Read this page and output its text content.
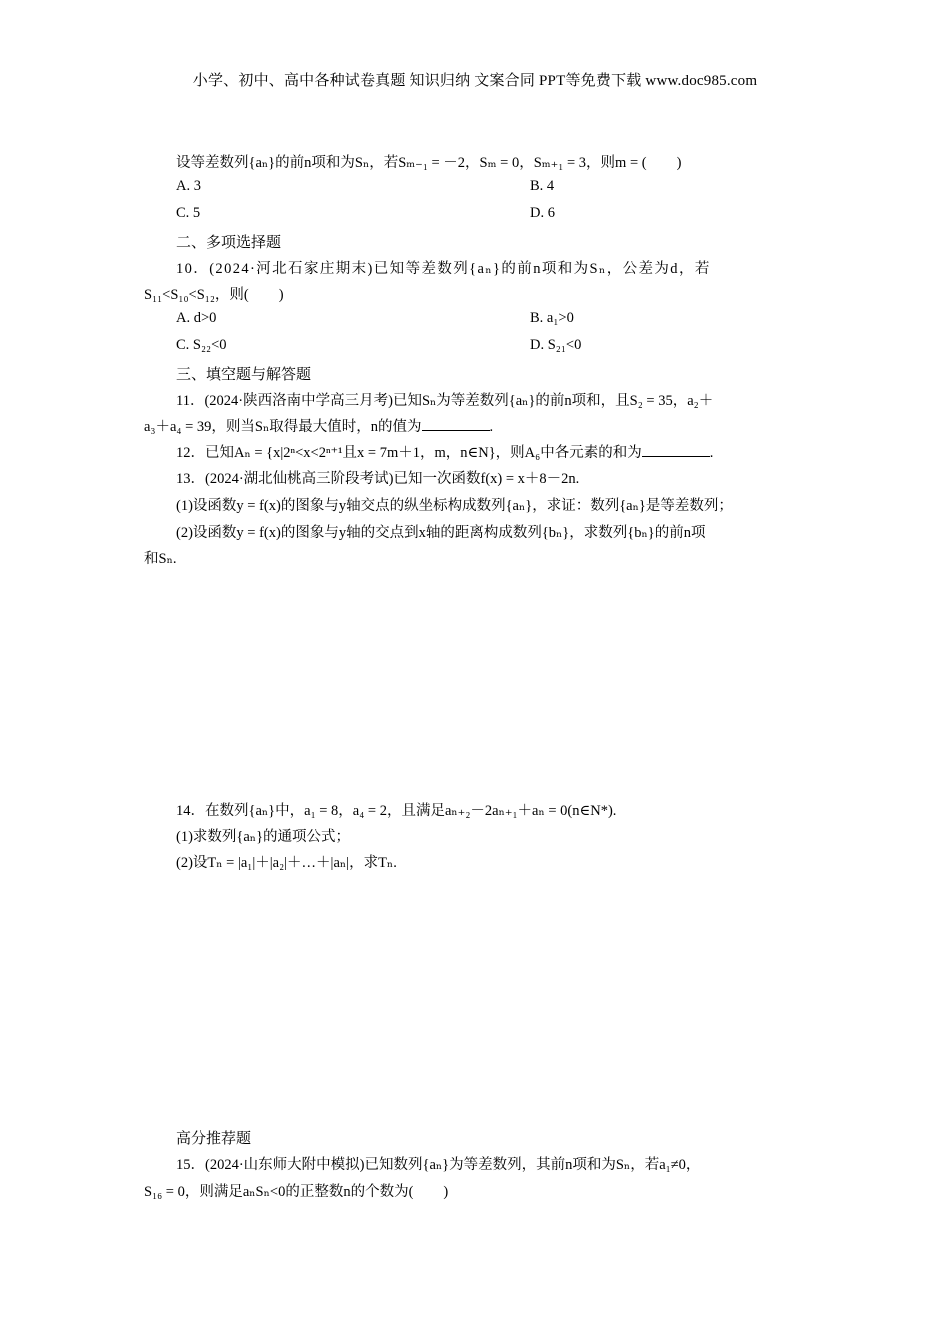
小学、初中、高中各种试卷真题 知识归纳 文案合同 PPT等免费下载 www.doc985.com
设等差数列{aₙ}的前n项和为Sₙ，若Sₘ₋₁ = －2，Sₘ = 0，Sₘ₊₁ = 3，则m = ( )
A. 3	B. 4
C. 5	D. 6
二、多项选择题
10．(2024·河北石家庄期末)已知等差数列{aₙ}的前n项和为Sₙ，公差为d，若
S₁₁<S₁₀<S₁₂，则( )
A. d>0	B. a₁>0
C. S₂₂<0	D. S₂₁<0
三、填空题与解答题
11．(2024·陕西洛南中学高三月考)已知Sₙ为等差数列{aₙ}的前n项和，且S₂ = 35，a₂＋
a₃＋a₄ = 39，则当Sₙ取得最大值时，n的值为	.
12．已知Aₙ = {x|2ⁿ<x<2ⁿ⁺¹且x = 7m＋1，m，n∈N}，则A₆中各元素的和为	.
13．(2024·湖北仙桃高三阶段考试)已知一次函数f(x) = x＋8－2n.
(1)设函数y = f(x)的图象与y轴交点的纵坐标构成数列{aₙ}，求证：数列{aₙ}是等差数列；
(2)设函数y = f(x)的图象与y轴的交点到x轴的距离构成数列{bₙ}，求数列{bₙ}的前n项
和Sₙ.
14．在数列{aₙ}中，a₁ = 8，a₄ = 2，且满足aₙ₊₂－2aₙ₊₁＋aₙ = 0(n∈N*).
(1)求数列{aₙ}的通项公式；
(2)设Tₙ = |a₁|＋|a₂|＋…＋|aₙ|，求Tₙ.
高分推荐题
15．(2024·山东师大附中模拟)已知数列{aₙ}为等差数列，其前n项和为Sₙ，若a₁≠0，
S₁₆ = 0，则满足aₙSₙ<0的正整数n的个数为( )
